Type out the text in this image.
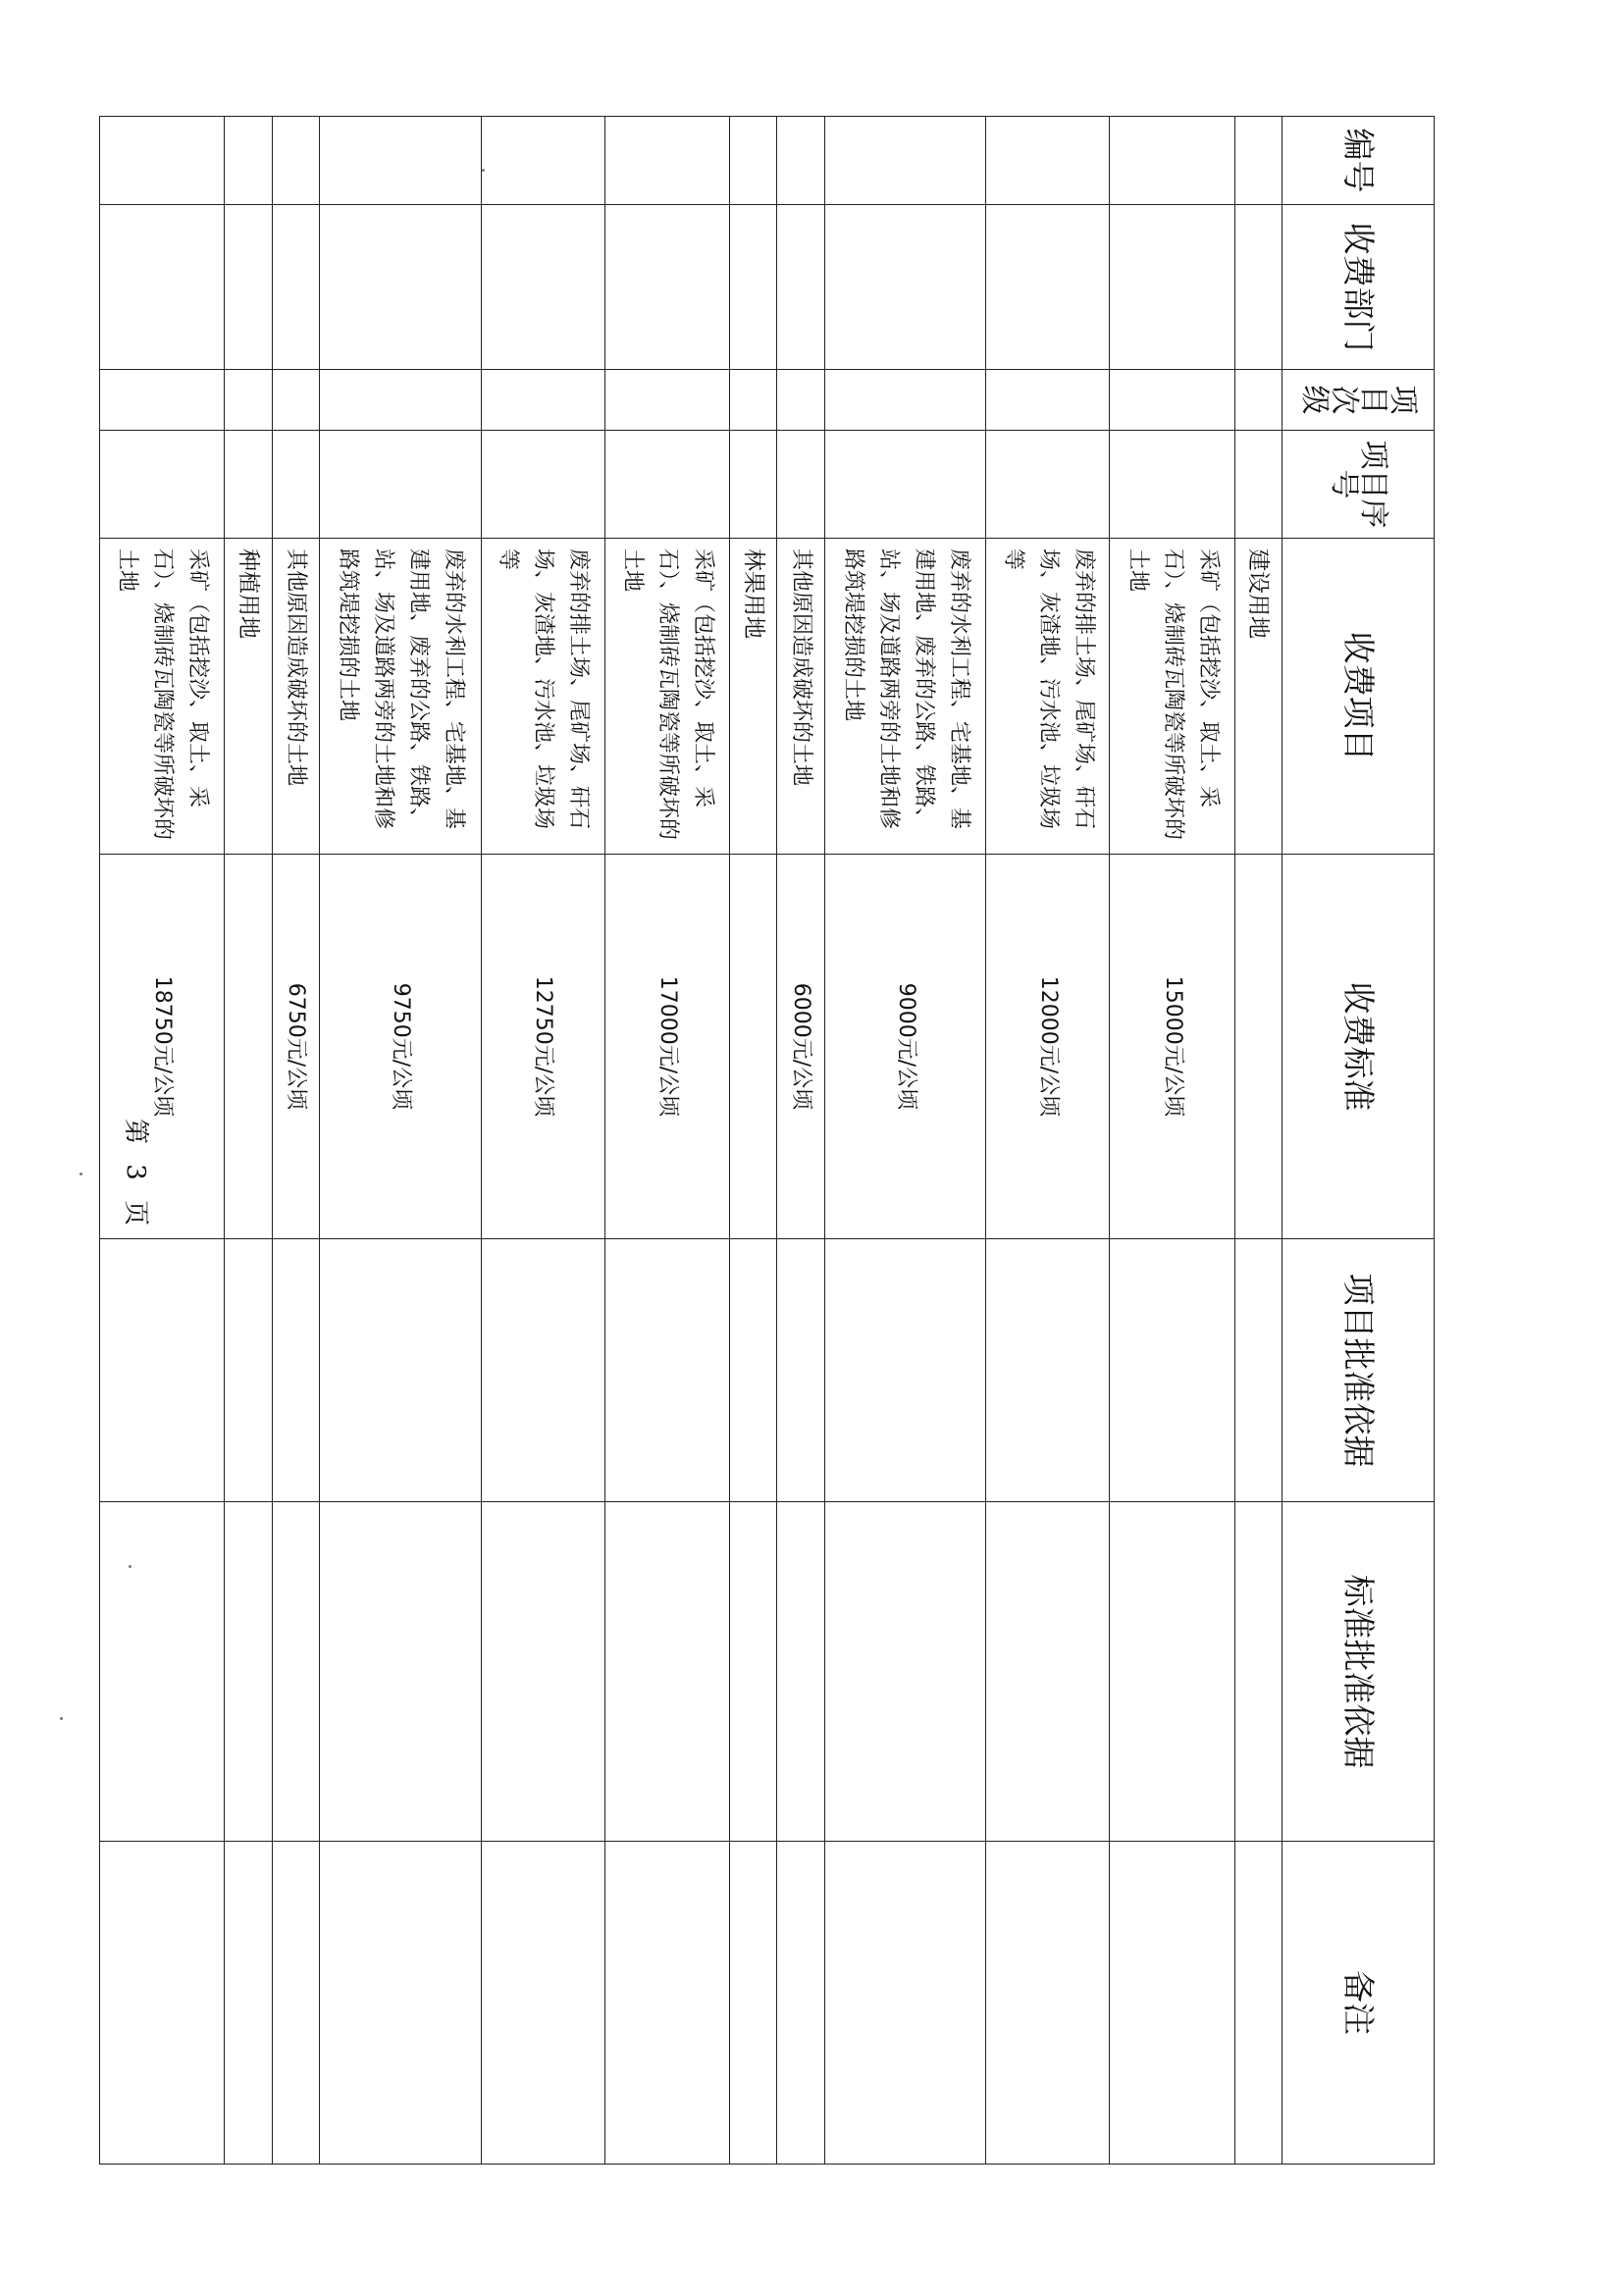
编号	收费部门	项目次级	项目序号	收费项目	收费标准	项目批准依据	标准批准依据	备注
				建设用地				
				采矿（包括挖沙、取土、采石）、烧制砖瓦陶瓷等所破坏的土地	15000元/公顷			
				废弃的排土场、尾矿场、矸石场、灰渣地、污水池、垃圾场等	12000元/公顷			
				废弃的水利工程、宅基地、基建用地、废弃的公路、铁路、站、场及道路两旁的土地和修路筑堤挖损的土地	9000元/公顷			
				其他原因造成破坏的土地	6000元/公顷			
				林果用地				
				采矿（包括挖沙、取土、采石）、烧制砖瓦陶瓷等所破坏的土地	17000元/公顷			
				废弃的排土场、尾矿场、矸石场、灰渣地、污水池、垃圾场等	12750元/公顷			
				废弃的水利工程、宅基地、基建用地、废弃的公路、铁路、站、场及道路两旁的土地和修路筑堤挖损的土地	9750元/公顷			
				其他原因造成破坏的土地	6750元/公顷			
				种植用地				
				采矿（包括挖沙、取土、采石）、烧制砖瓦陶瓷等所破坏的土地	18750元/公顷			
第 3 页
